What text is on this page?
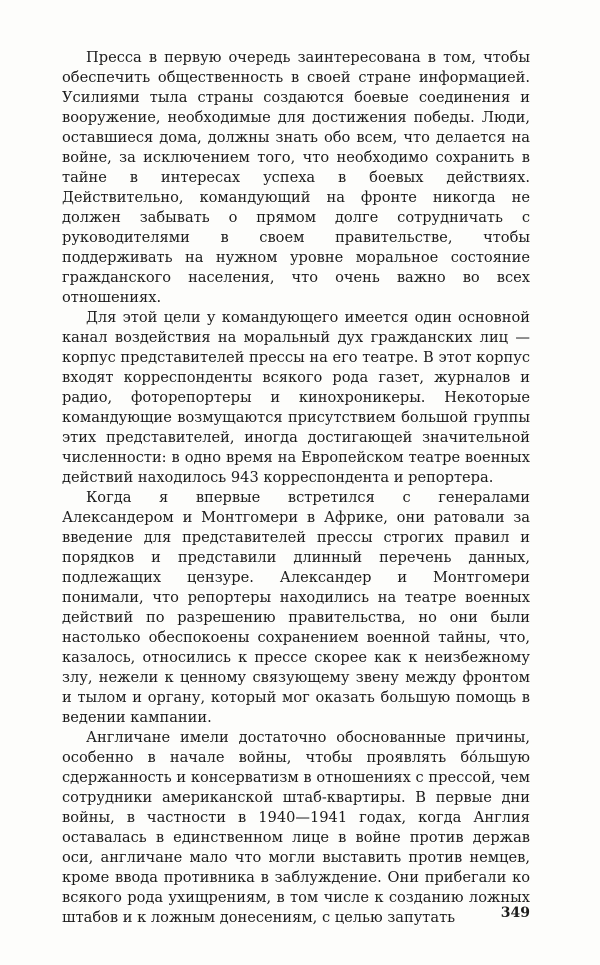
Пресса в первую очередь заинтересована в том, чтобы обеспечить общественность в своей стране информацией. Усилиями тыла страны создаются боевые соединения и вооружение, необходимые для достижения победы. Люди, оставшиеся дома, должны знать обо всем, что делается на войне, за исключением того, что необходимо сохранить в тайне в интересах успеха в боевых действиях. Действительно, командующий на фронте никогда не должен забывать о прямом долге сотрудничать с руководителями в своем правительстве, чтобы поддерживать на нужном уровне моральное состояние гражданского населения, что очень важно во всех отношениях.

Для этой цели у командующего имеется один основной канал воздействия на моральный дух гражданских лиц — корпус представителей прессы на его театре. В этот корпус входят корреспонденты всякого рода газет, журналов и радио, фоторепортеры и кинохроникеры. Некоторые командующие возмущаются присутствием большой группы этих представителей, иногда достигающей значительной численности: в одно время на Европейском театре военных действий находилось 943 корреспондента и репортера.

Когда я впервые встретился с генералами Александером и Монтгомери в Африке, они ратовали за введение для представителей прессы строгих правил и порядков и представили длинный перечень данных, подлежащих цензуре. Александер и Монтгомери понимали, что репортеры находились на театре военных действий по разрешению правительства, но они были настолько обеспокоены сохранением военной тайны, что, казалось, относились к прессе скорее как к неизбежному злу, нежели к ценному связующему звену между фронтом и тылом и органу, который мог оказать большую помощь в ведении кампании.

Англичане имели достаточно обоснованные причины, особенно в начале войны, чтобы проявлять бо́льшую сдержанность и консерватизм в отношениях с прессой, чем сотрудники американской штаб-квартиры. В первые дни войны, в частности в 1940—1941 годах, когда Англия оставалась в единственном лице в войне против держав оси, англичане мало что могли выставить против немцев, кроме ввода противника в заблуждение. Они прибегали ко всякого рода ухищрениям, в том числе к созданию ложных штабов и к ложным донесениям, с целью запутать	349
